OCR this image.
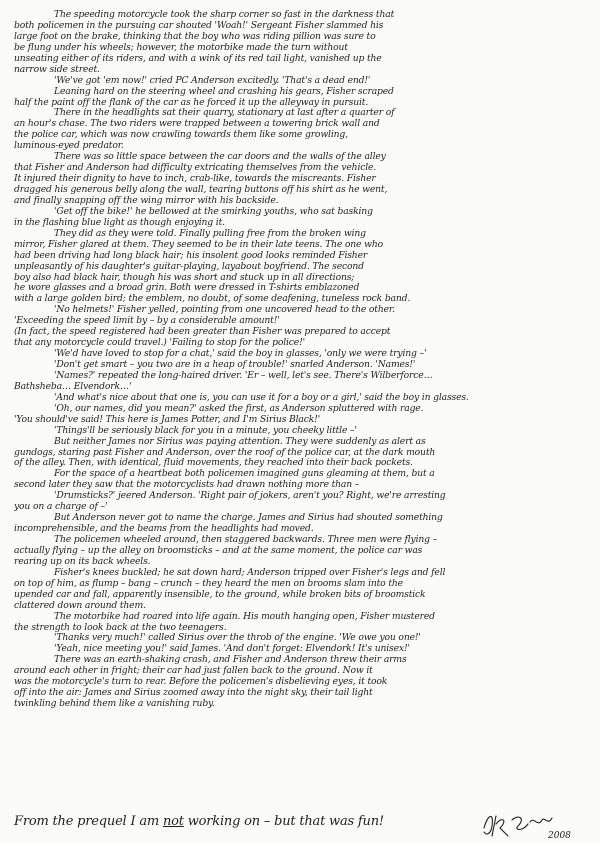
The speeding motorcycle took the sharp corner so fast in the darkness that
both policemen in the pursuing car shouted 'Woah!' Sergeant Fisher slammed his
large foot on the brake, thinking that the boy who was riding pillion was sure to
be flung under his wheels; however, the motorbike made the turn without
unseating either of its riders, and with a wink of its red tail light, vanished up the
narrow side street.
'We've got 'em now!' cried PC Anderson excitedly. 'That's a dead end!'
Leaning hard on the steering wheel and crashing his gears, Fisher scraped
half the paint off the flank of the car as he forced it up the alleyway in pursuit.
There in the headlights sat their quarry, stationary at last after a quarter of
an hour's chase. The two riders were trapped between a towering brick wall and
the police car, which was now crawling towards them like some growling,
luminous-eyed predator.
There was so little space between the car doors and the walls of the alley
that Fisher and Anderson had difficulty extricating themselves from the vehicle.
It injured their dignity to have to inch, crab-like, towards the miscreants. Fisher
dragged his generous belly along the wall, tearing buttons off his shirt as he went,
and finally snapping off the wing mirror with his backside.
'Get off the bike!' he bellowed at the smirking youths, who sat basking
in the flashing blue light as though enjoying it.
They did as they were told. Finally pulling free from the broken wing
mirror, Fisher glared at them. They seemed to be in their late teens. The one who
had been driving had long black hair; his insolent good looks reminded Fisher
unpleasantly of his daughter's guitar-playing, layabout boyfriend. The second
boy also had black hair, though his was short and stuck up in all directions;
he wore glasses and a broad grin. Both were dressed in T-shirts emblazoned
with a large golden bird; the emblem, no doubt, of some deafening, tuneless rock band.
'No helmets!' Fisher yelled, pointing from one uncovered head to the other.
'Exceeding the speed limit by – by a considerable amount!'
(In fact, the speed registered had been greater than Fisher was prepared to accept
that any motorcycle could travel.) 'Failing to stop for the police!'
'We'd have loved to stop for a chat,' said the boy in glasses, 'only we were trying –'
'Don't get smart – you two are in a heap of trouble!' snarled Anderson. 'Names!'
'Names?' repeated the long-haired driver. 'Er – well, let's see. There's Wilberforce…
Bathsheba… Elvendork…'
'And what's nice about that one is, you can use it for a boy or a girl,' said the boy in glasses.
'Oh, our names, did you mean?' asked the first, as Anderson spluttered with rage.
'You should've said! This here is James Potter, and I'm Sirius Black!'
'Things'll be seriously black for you in a minute, you cheeky little –'
But neither James nor Sirius was paying attention. They were suddenly as alert as
gundogs, staring past Fisher and Anderson, over the roof of the police car, at the dark mouth
of the alley. Then, with identical, fluid movements, they reached into their back pockets.
For the space of a heartbeat both policemen imagined guns gleaming at them, but a
second later they saw that the motorcyclists had drawn nothing more than –
'Drumsticks?' jeered Anderson. 'Right pair of jokers, aren't you? Right, we're arresting
you on a charge of –'
But Anderson never got to name the charge. James and Sirius had shouted something
incomprehensible, and the beams from the headlights had moved.
The policemen wheeled around, then staggered backwards. Three men were flying –
actually flying – up the alley on broomsticks – and at the same moment, the police car was
rearing up on its back wheels.
Fisher's knees buckled; he sat down hard; Anderson tripped over Fisher's legs and fell
on top of him, as flump – bang – crunch – they heard the men on brooms slam into the
upended car and fall, apparently insensible, to the ground, while broken bits of broomstick
clattered down around them.
The motorbike had roared into life again. His mouth hanging open, Fisher mustered
the strength to look back at the two teenagers.
'Thanks very much!' called Sirius over the throb of the engine. 'We owe you one!'
'Yeah, nice meeting you!' said James. 'And don't forget: Elvendork! It's unisex!'
There was an earth-shaking crash, and Fisher and Anderson threw their arms
around each other in fright; their car had just fallen back to the ground. Now it
was the motorcycle's turn to rear. Before the policemen's disbelieving eyes, it took
off into the air: James and Sirius zoomed away into the night sky, their tail light
twinkling behind them like a vanishing ruby.
From the prequel I am not working on – but that was fun!
2008
